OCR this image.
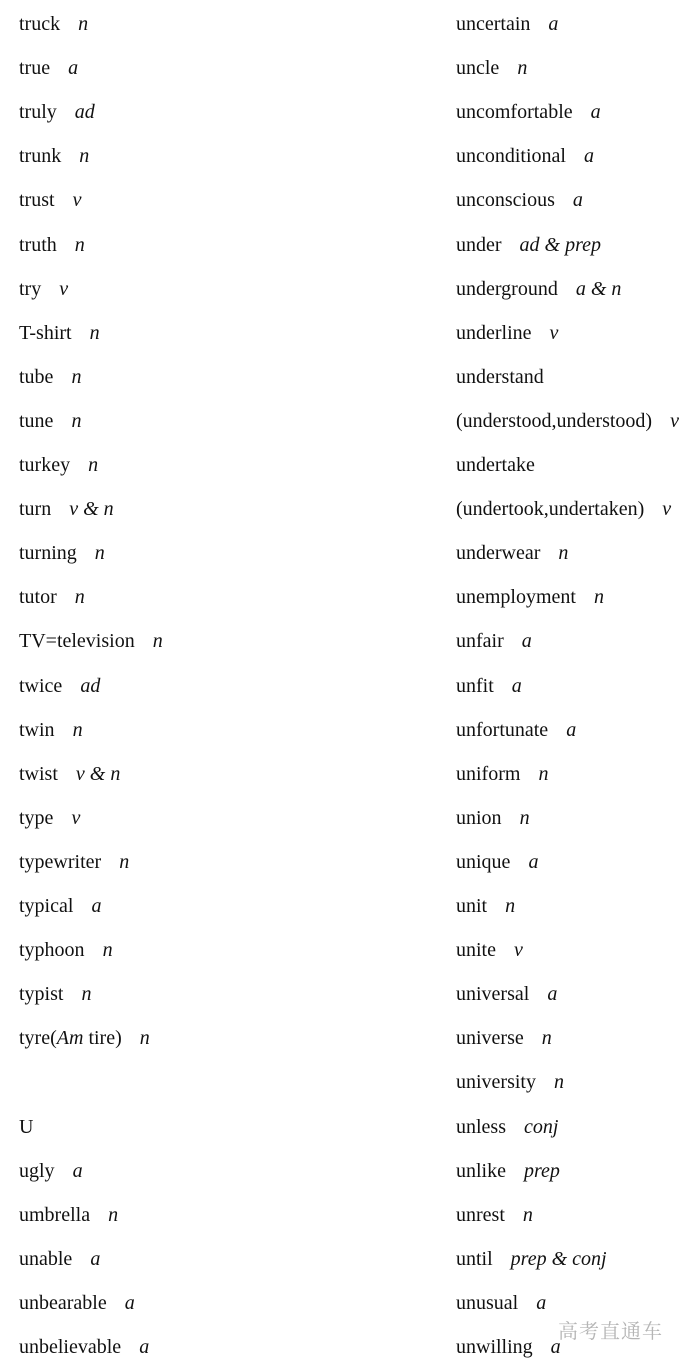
truck n
true a
truly ad
trunk n
trust v
truth n
try v
T-shirt n
tube n
tune n
turkey n
turn v & n
turning n
tutor n
TV=television n
twice ad
twin n
twist v & n
type v
typewriter n
typical a
typhoon n
typist n
tyre(Am tire) n
U
ugly a
umbrella n
unable a
unbearable a
unbelievable a
uncertain a
uncle n
uncomfortable a
unconditional a
unconscious a
under ad & prep
underground a & n
underline v
understand
(understood,understood) v
undertake
(undertook,undertaken) v
underwear n
unemployment n
unfair a
unfit a
unfortunate a
uniform n
union n
unique a
unit n
unite v
universal a
universe n
university n
unless conj
unlike prep
unrest n
until prep & conj
unusual a
unwilling a
高考直通车
